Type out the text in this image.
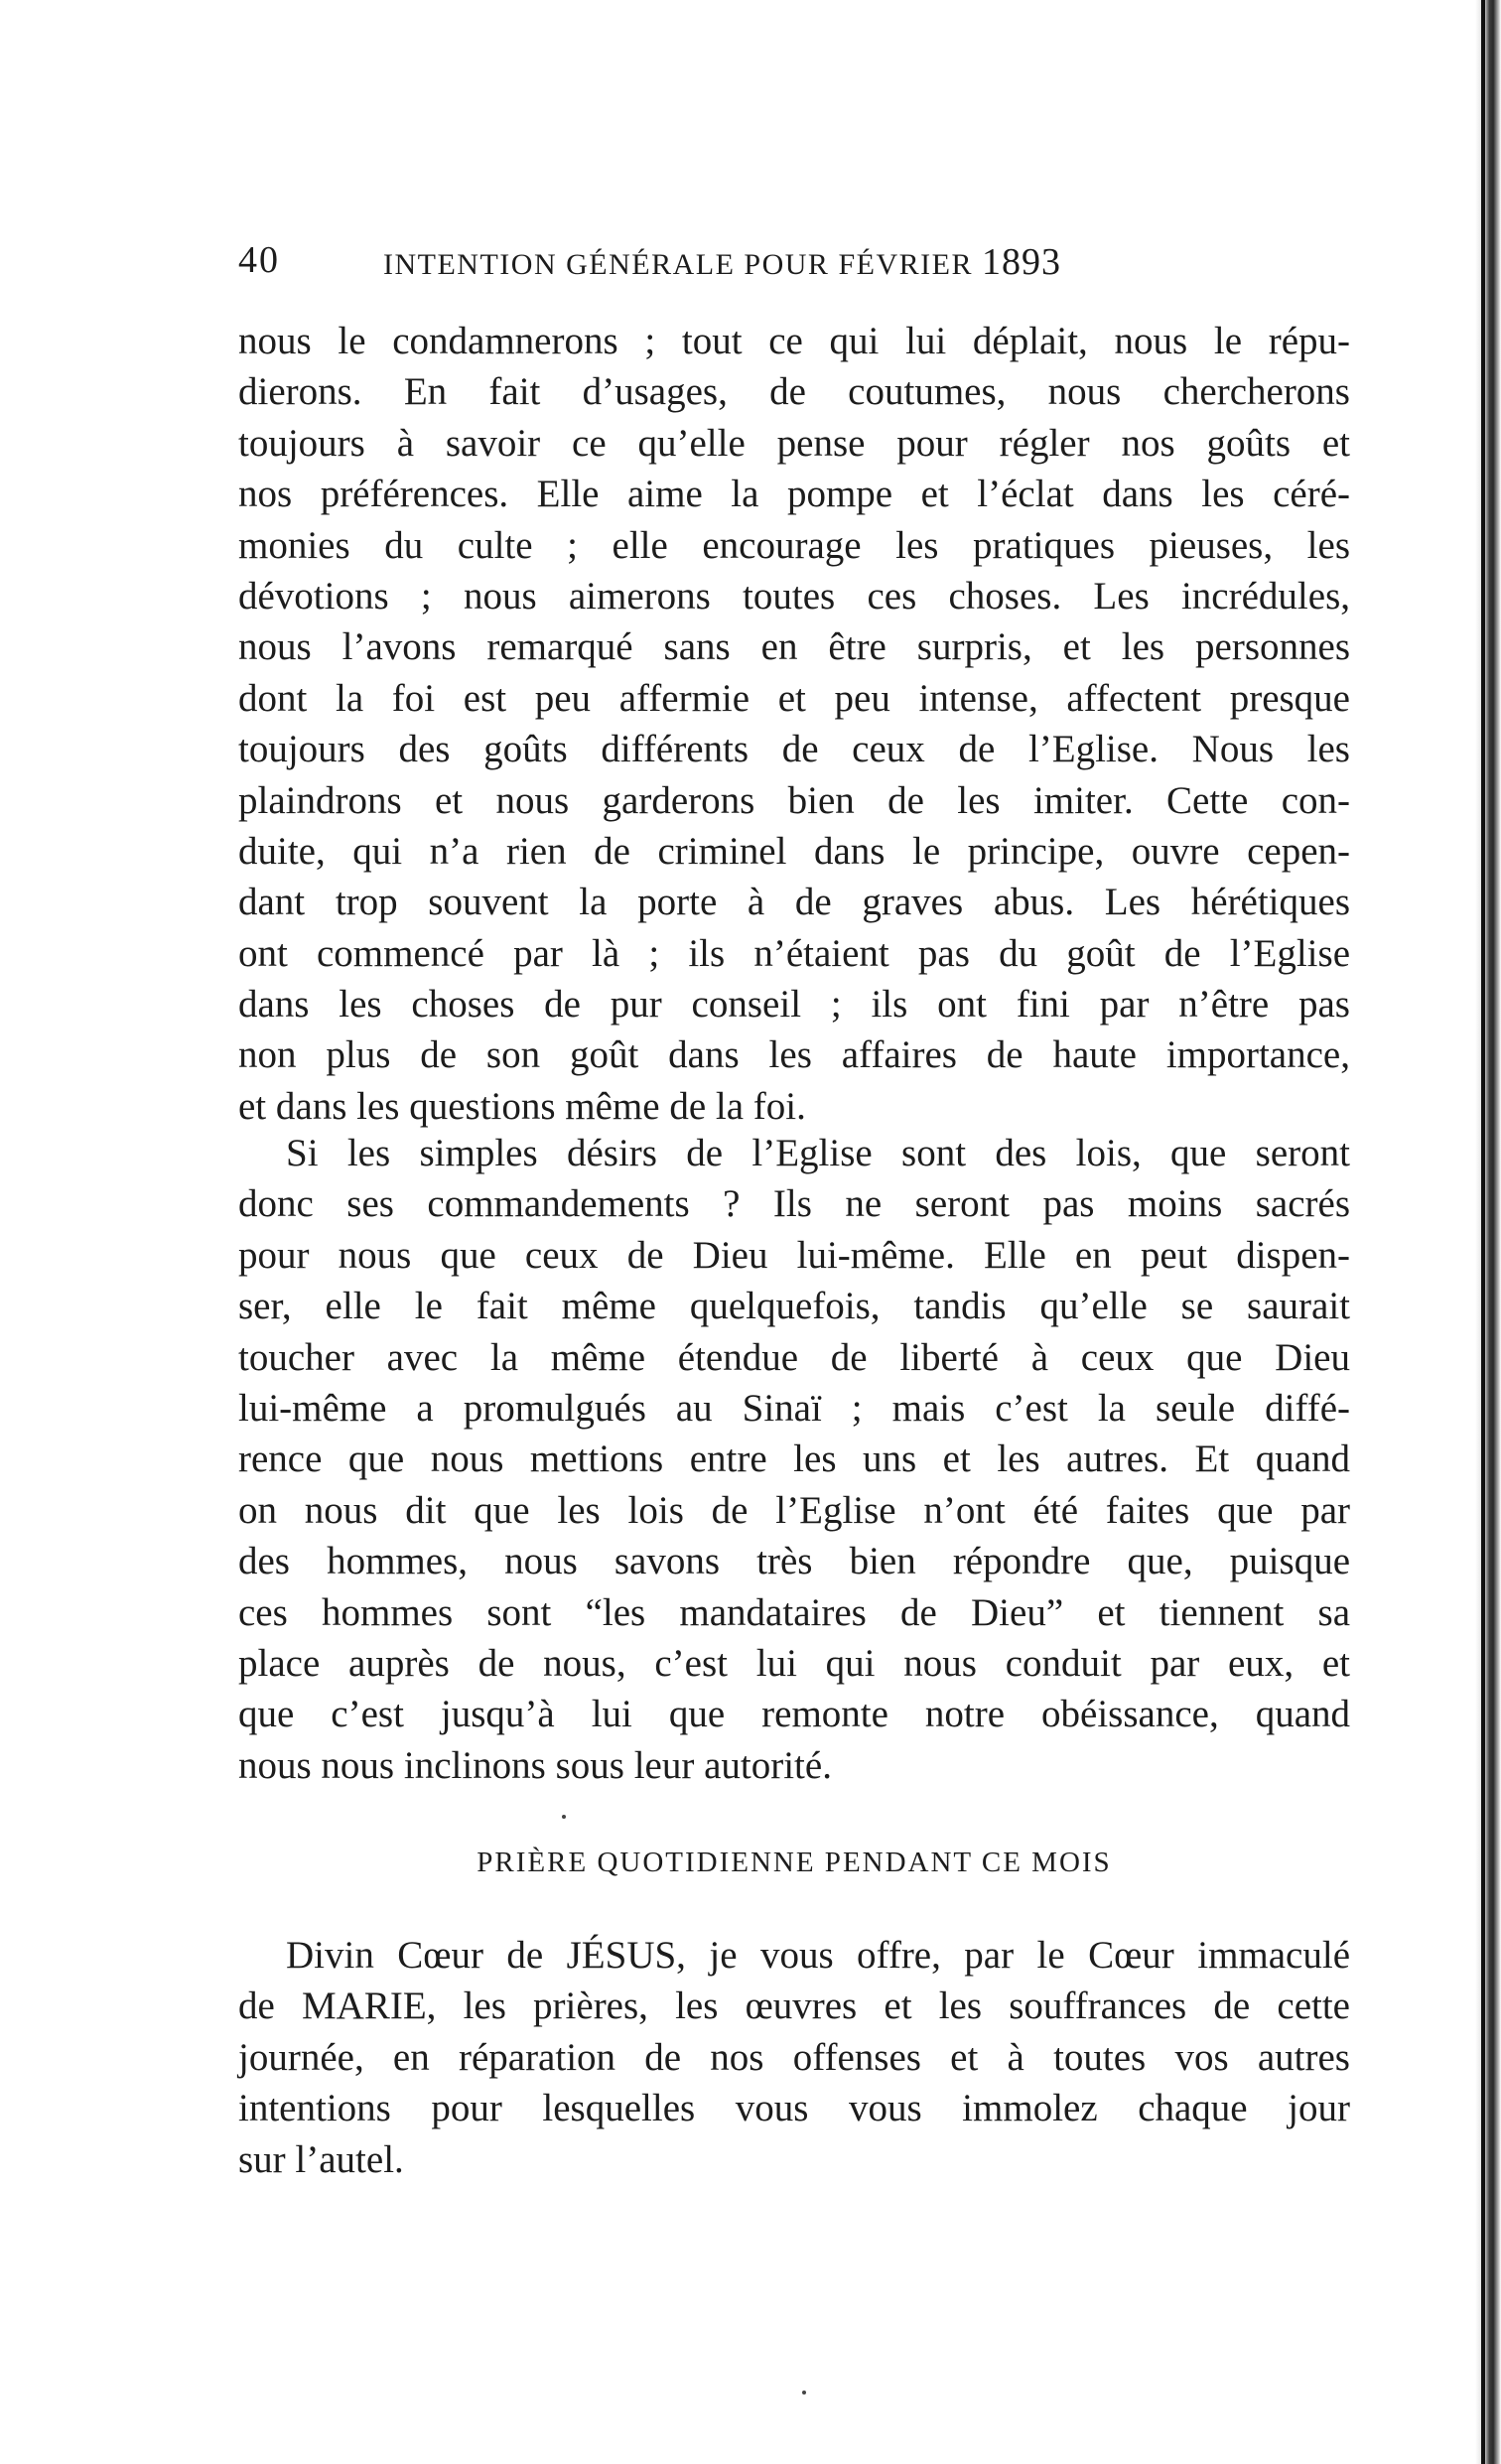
40	INTENTION GÉNÉRALE POUR FÉVRIER 1893
nous le condamnerons ; tout ce qui lui déplait, nous le répu-
dierons. En fait d’usages, de coutumes, nous chercherons
toujours à savoir ce qu’elle pense pour régler nos goûts et
nos préférences. Elle aime la pompe et l’éclat dans les céré-
monies du culte ; elle encourage les pratiques pieuses, les
dévotions ; nous aimerons toutes ces choses. Les incrédules,
nous l’avons remarqué sans en être surpris, et les personnes
dont la foi est peu affermie et peu intense, affectent presque
toujours des goûts différents de ceux de l’Eglise. Nous les
plaindrons et nous garderons bien de les imiter. Cette con-
duite, qui n’a rien de criminel dans le principe, ouvre cepen-
dant trop souvent la porte à de graves abus. Les hérétiques
ont commencé par là ; ils n’étaient pas du goût de l’Eglise
dans les choses de pur conseil ; ils ont fini par n’être pas
non plus de son goût dans les affaires de haute importance,
et dans les questions même de la foi.
Si les simples désirs de l’Eglise sont des lois, que seront
donc ses commandements ? Ils ne seront pas moins sacrés
pour nous que ceux de Dieu lui-même. Elle en peut dispen-
ser, elle le fait même quelquefois, tandis qu’elle se saurait
toucher avec la même étendue de liberté à ceux que Dieu
lui-même a promulgués au Sinaï ; mais c’est la seule diffé-
rence que nous mettions entre les uns et les autres. Et quand
on nous dit que les lois de l’Eglise n’ont été faites que par
des hommes, nous savons très bien répondre que, puisque
ces hommes sont “les mandataires de Dieu” et tiennent sa
place auprès de nous, c’est lui qui nous conduit par eux, et
que c’est jusqu’à lui que remonte notre obéissance, quand
nous nous inclinons sous leur autorité.
PRIÈRE QUOTIDIENNE PENDANT CE MOIS
Divin Cœur de JÉSUS, je vous offre, par le Cœur immaculé
de MARIE, les prières, les œuvres et les souffrances de cette
journée, en réparation de nos offenses et à toutes vos autres
intentions pour lesquelles vous vous immolez chaque jour
sur l’autel.
